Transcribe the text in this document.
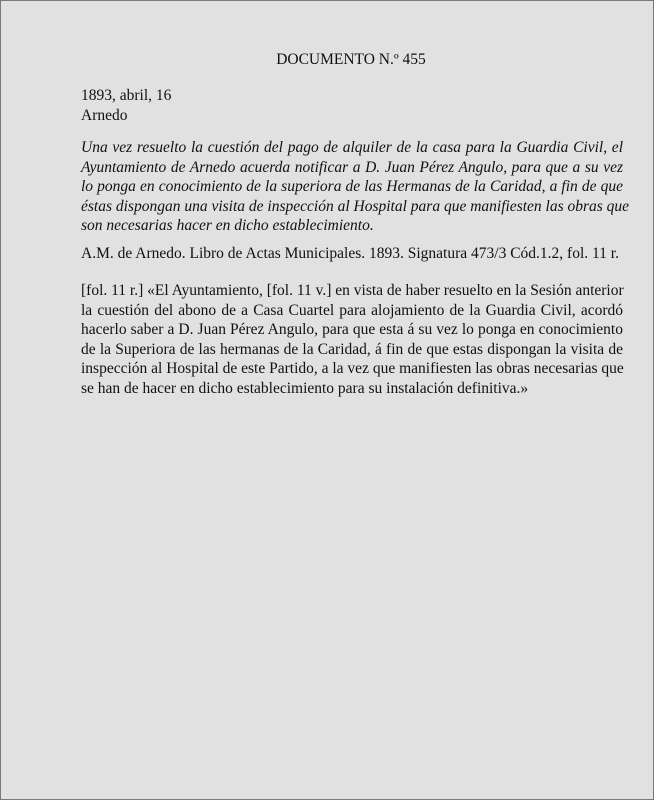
DOCUMENTO N.º 455
1893, abril, 16
Arnedo
Una vez resuelto la cuestión del pago de alquiler de la casa para la Guardia Civil, el
Ayuntamiento de Arnedo acuerda notificar a D. Juan Pérez Angulo, para que a su vez
lo ponga en conocimiento de la superiora de las Hermanas de la Caridad, a fin de que
éstas dispongan una visita de inspección al Hospital para que manifiesten las obras que
son necesarias hacer en dicho establecimiento.
A.M. de Arnedo. Libro de Actas Municipales. 1893. Signatura 473/3 Cód.1.2, fol. 11 r.
[fol. 11 r.] «El Ayuntamiento, [fol. 11 v.] en vista de haber resuelto en la Sesión anterior
la cuestión del abono de a Casa Cuartel para alojamiento de la Guardia Civil, acordó
hacerlo saber a D. Juan Pérez Angulo, para que esta á su vez lo ponga en conocimiento
de la Superiora de las hermanas de la Caridad, á fin de que estas dispongan la visita de
inspección al Hospital de este Partido, a la vez que manifiesten las obras necesarias que
se han de hacer en dicho establecimiento para su instalación definitiva.»
